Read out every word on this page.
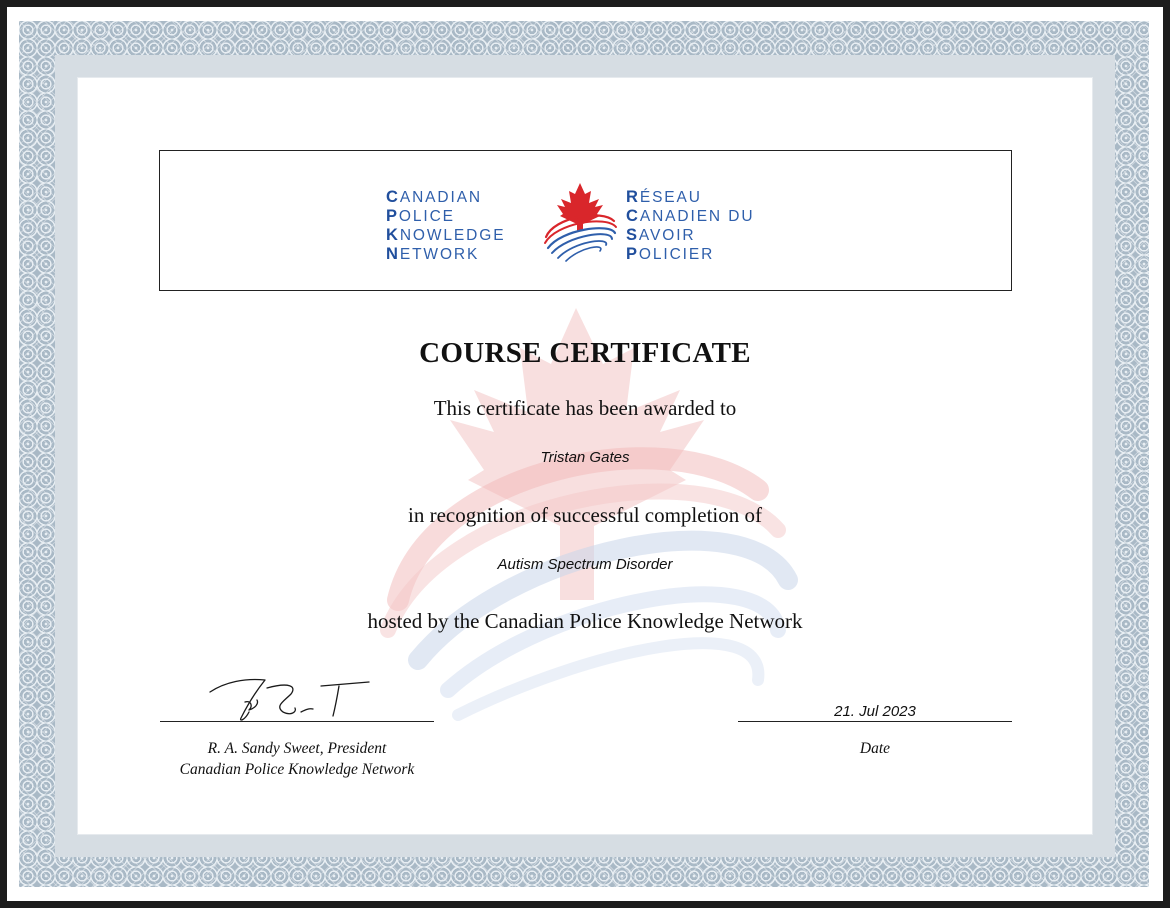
CANADIAN
POLICE
KNOWLEDGE
NETWORK
RÉSEAU
CANADIEN DU
SAVOIR
POLICIER
COURSE CERTIFICATE
This certificate has been awarded to
Tristan Gates
in recognition of successful completion of
Autism Spectrum Disorder
hosted by the Canadian Police Knowledge Network
21. Jul 2023
R. A. Sandy Sweet, President
Canadian Police Knowledge Network
Date
